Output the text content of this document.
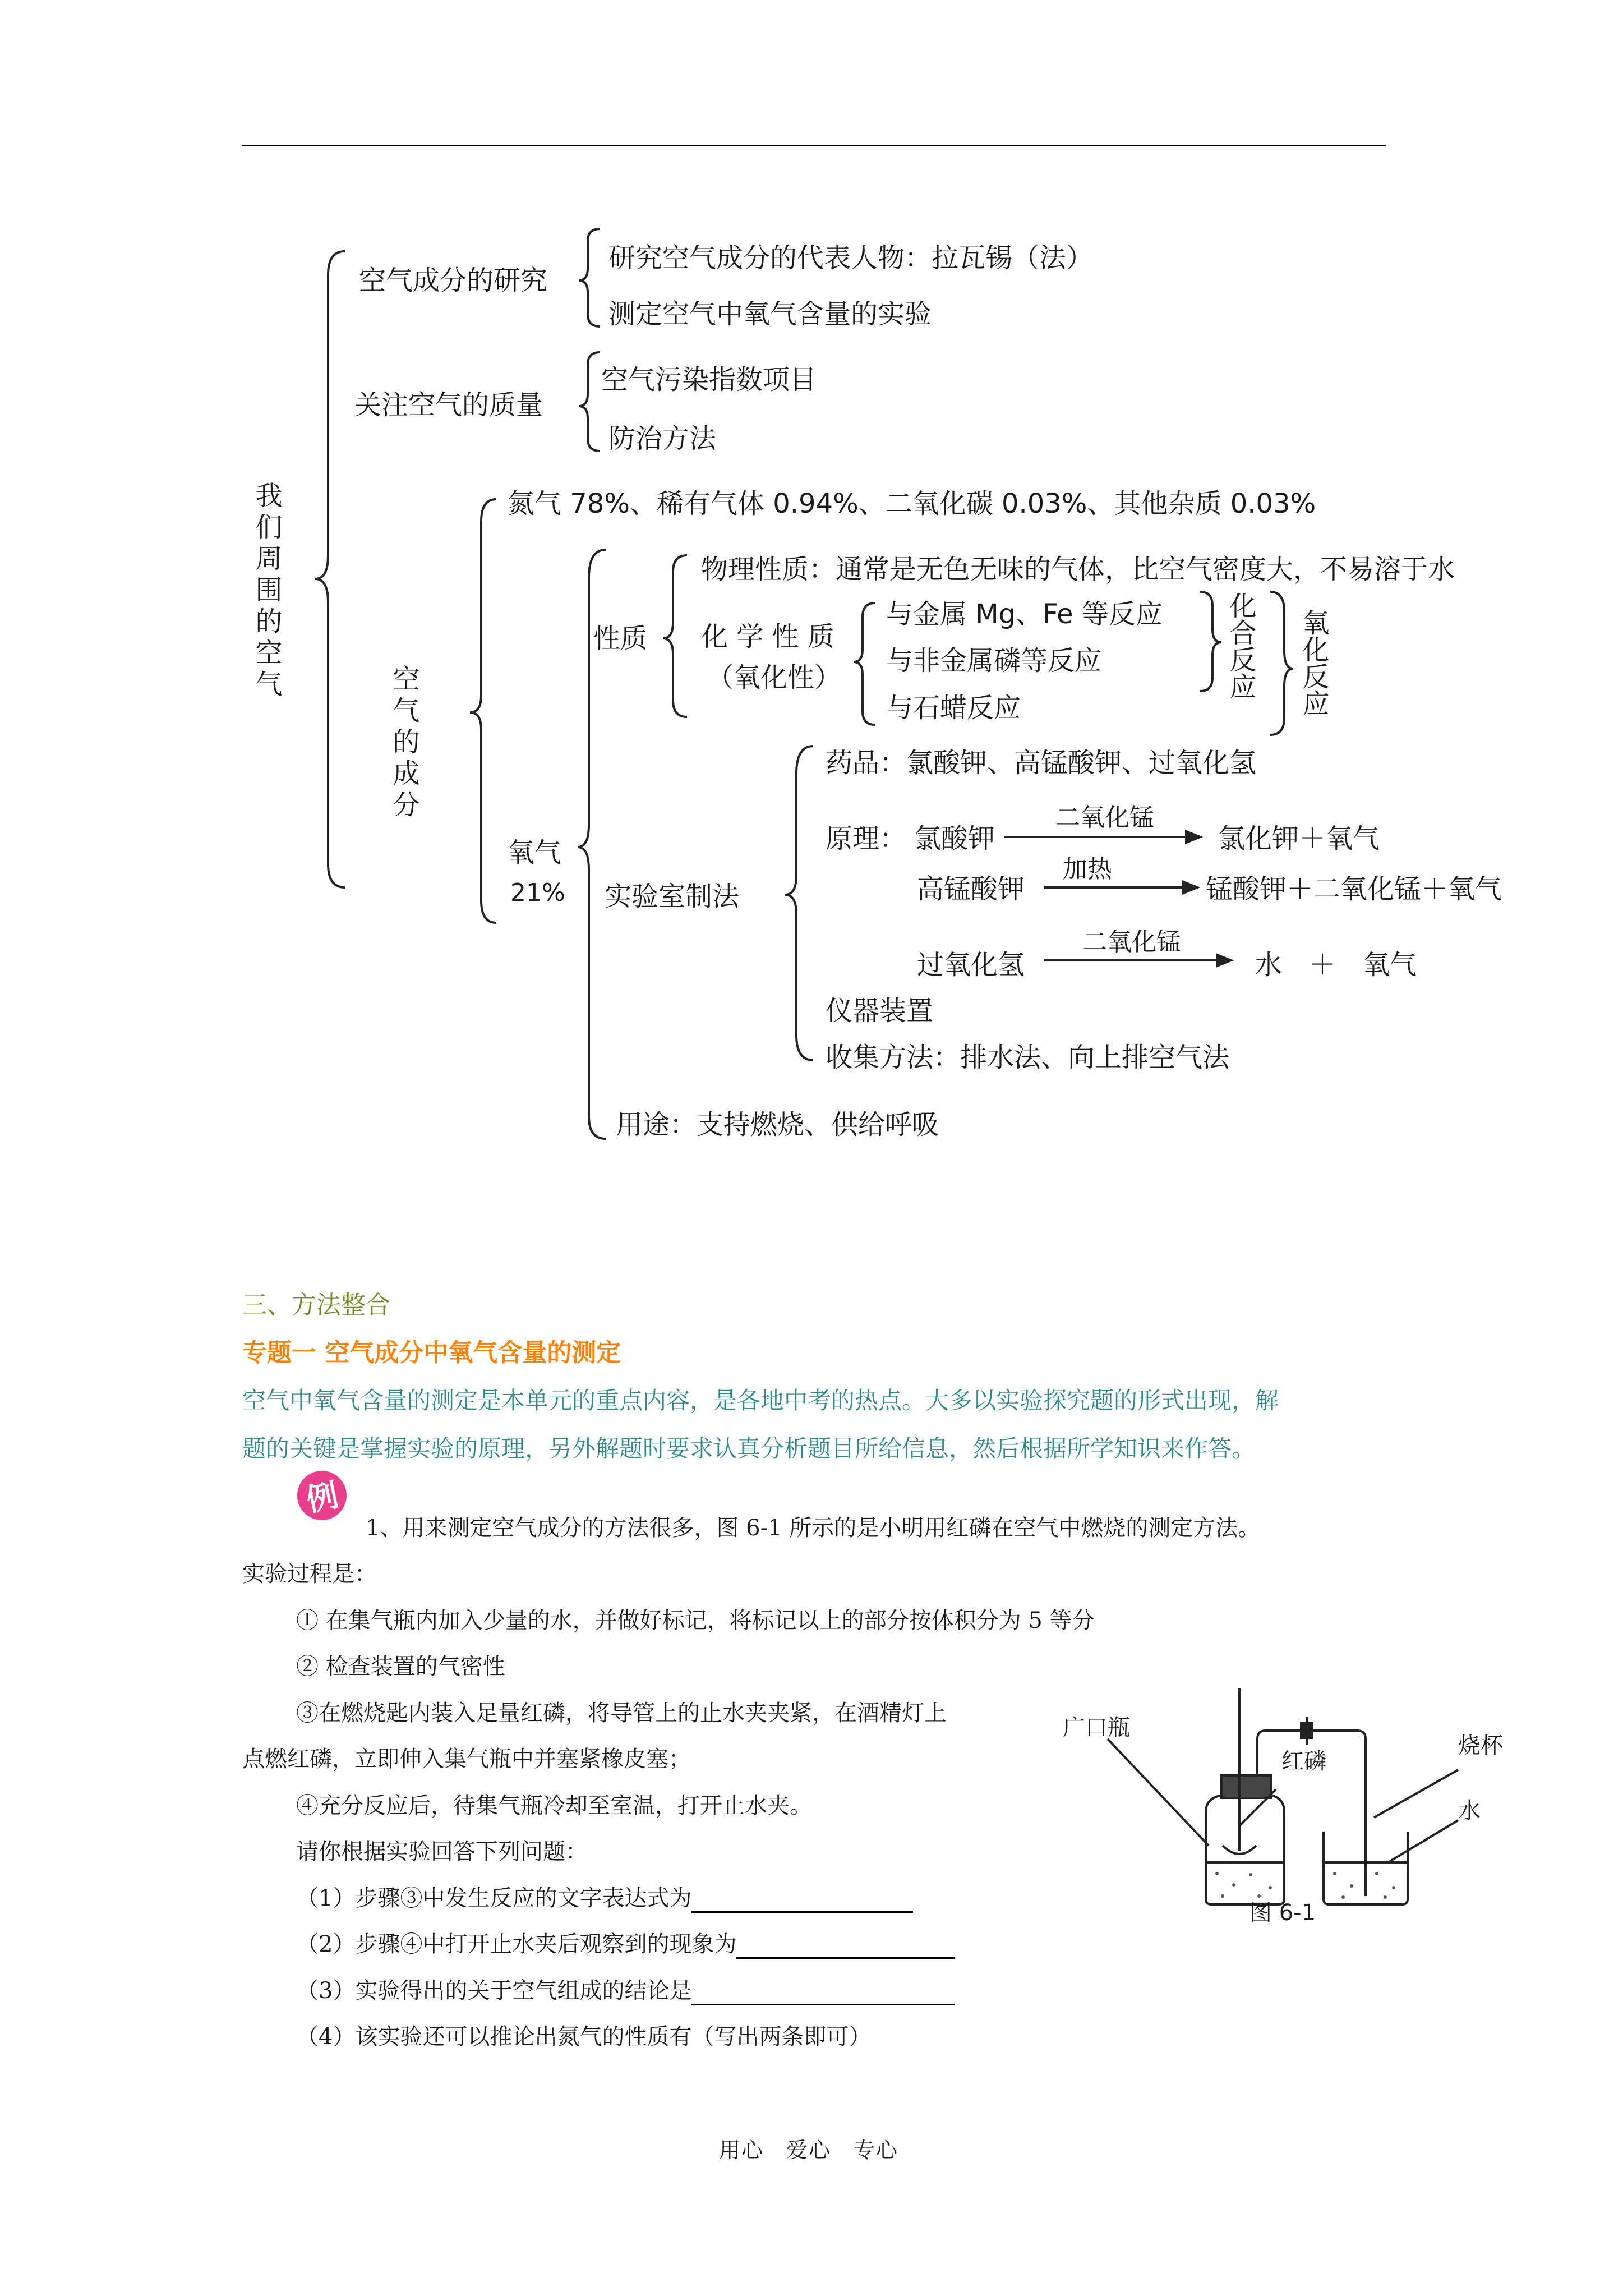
我们周围的空气
空气成分的研究
研究空气成分的代表人物：拉瓦锡（法）
测定空气中氧气含量的实验
关注空气的质量
空气污染指数项目
防治方法
空气的成分
氮气 78%、稀有气体 0.94%、二氧化碳 0.03%、其他杂质 0.03%
氧气
21%
性质
物理性质：通常是无色无味的气体，比空气密度大，不易溶于水
化 学 性 质
（氧化性）
与金属 Mg、Fe 等反应
与非金属磷等反应
与石蜡反应
化合反应 氧化反应
实验室制法
药品：氯酸钾、高锰酸钾、过氧化氢
原理： 氯酸钾
二氧化锰
氯化钾＋氧气
高锰酸钾
加热
锰酸钾＋二氧化锰＋氧气
过氧化氢
二氧化锰
水　＋　氧气
仪器装置
收集方法：排水法、向上排空气法
用途：支持燃烧、供给呼吸
三、方法整合
专题一 空气成分中氧气含量的测定
空气中氧气含量的测定是本单元的重点内容，是各地中考的热点。大多以实验探究题的形式出现，解
题的关键是掌握实验的原理，另外解题时要求认真分析题目所给信息，然后根据所学知识来作答。
例
1、用来测定空气成分的方法很多，图 6-1 所示的是小明用红磷在空气中燃烧的测定方法。
实验过程是：
① 在集气瓶内加入少量的水，并做好标记，将标记以上的部分按体积分为 5 等分
② 检查装置的气密性
③在燃烧匙内装入足量红磷，将导管上的止水夹夹紧，在酒精灯上
点燃红磷，立即伸入集气瓶中并塞紧橡皮塞；
④充分反应后，待集气瓶冷却至室温，打开止水夹。
请你根据实验回答下列问题：
（1）步骤③中发生反应的文字表达式为
（2）步骤④中打开止水夹后观察到的现象为
（3）实验得出的关于空气组成的结论是
（4）该实验还可以推论出氮气的性质有（写出两条即可）
广口瓶
红磷
烧杯
水
图 6-1
用心　爱心　专心
